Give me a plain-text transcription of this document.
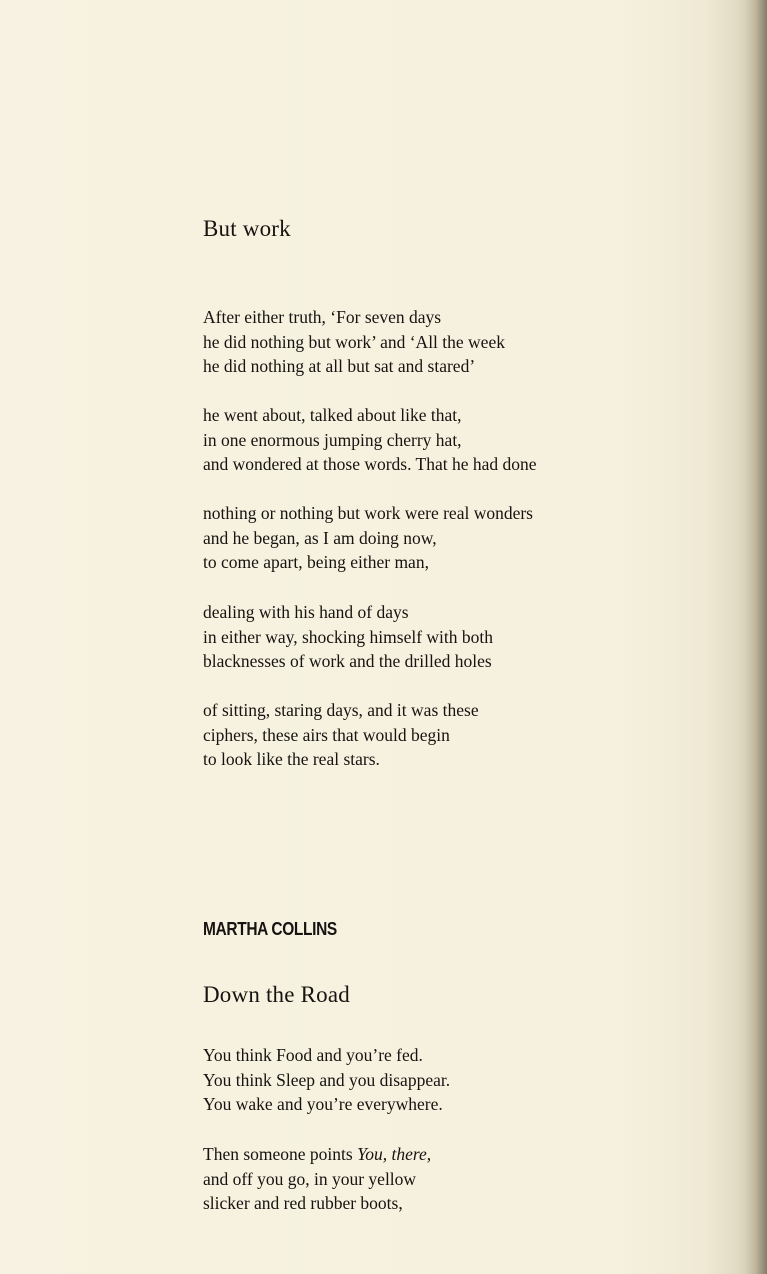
But work
After either truth, ‘For seven days
he did nothing but work’ and ‘All the week
he did nothing at all but sat and stared’
he went about, talked about like that,
in one enormous jumping cherry hat,
and wondered at those words. That he had done
nothing or nothing but work were real wonders
and he began, as I am doing now,
to come apart, being either man,
dealing with his hand of days
in either way, shocking himself with both
blacknesses of work and the drilled holes
of sitting, staring days, and it was these
ciphers, these airs that would begin
to look like the real stars.
MARTHA COLLINS
Down the Road
You think Food and you’re fed.
You think Sleep and you disappear.
You wake and you’re everywhere.
Then someone points You, there,
and off you go, in your yellow
slicker and red rubber boots,
